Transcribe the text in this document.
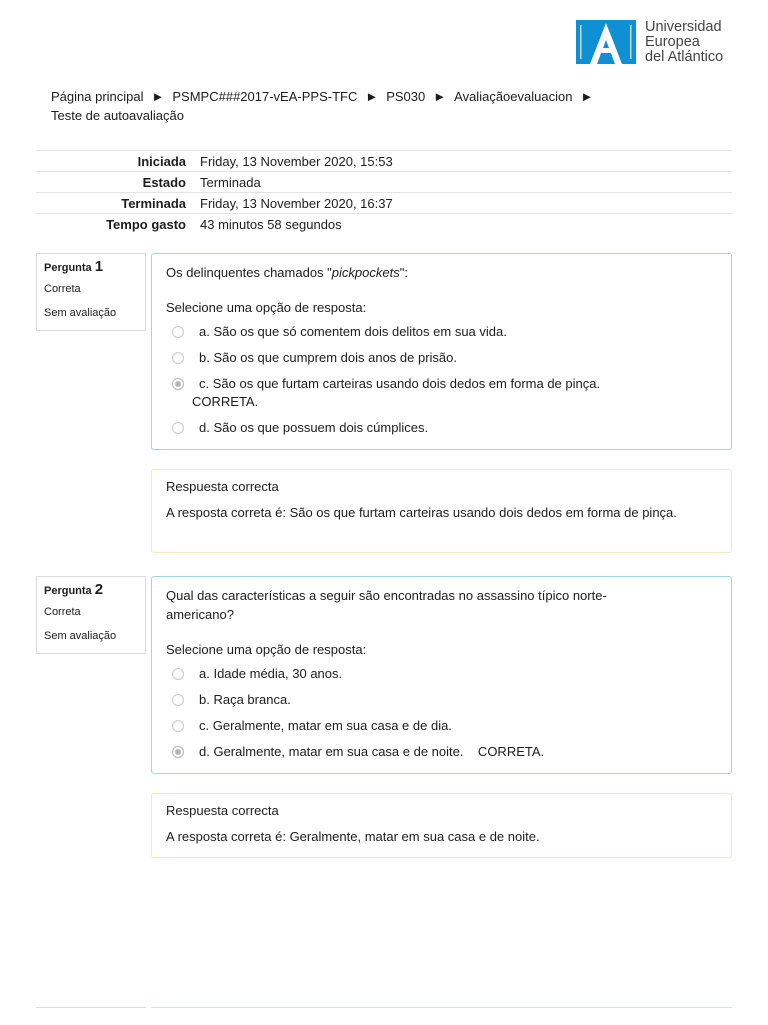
Universidad
Europea
del Atlántico
Página principal ► PSMPC###2017-vEA-PPS-TFC ► PS030 ► Avaliaçãoevaluacion ►
Teste de autoavaliação
Iniciada	Friday, 13 November 2020, 15:53
Estado	Terminada
Terminada	Friday, 13 November 2020, 16:37
Tempo gasto	43 minutos 58 segundos
Pergunta 1
Correta
Sem avaliação
Os delinquentes chamados "pickpockets":
Selecione uma opção de resposta:
a. São os que só comentem dois delitos em sua vida.
b. São os que cumprem dois anos de prisão.
c. São os que furtam carteiras usando dois dedos em forma de pinça.
CORRETA.
d. São os que possuem dois cúmplices.
Respuesta correcta
A resposta correta é: São os que furtam carteiras usando dois dedos em forma de pinça.
Pergunta 2
Correta
Sem avaliação
Qual das características a seguir são encontradas no assassino típico norte-americano?
Selecione uma opção de resposta:
a. Idade média, 30 anos.
b. Raça branca.
c. Geralmente, matar em sua casa e de dia.
d. Geralmente, matar em sua casa e de noite.    CORRETA.
Respuesta correcta
A resposta correta é: Geralmente, matar em sua casa e de noite.
